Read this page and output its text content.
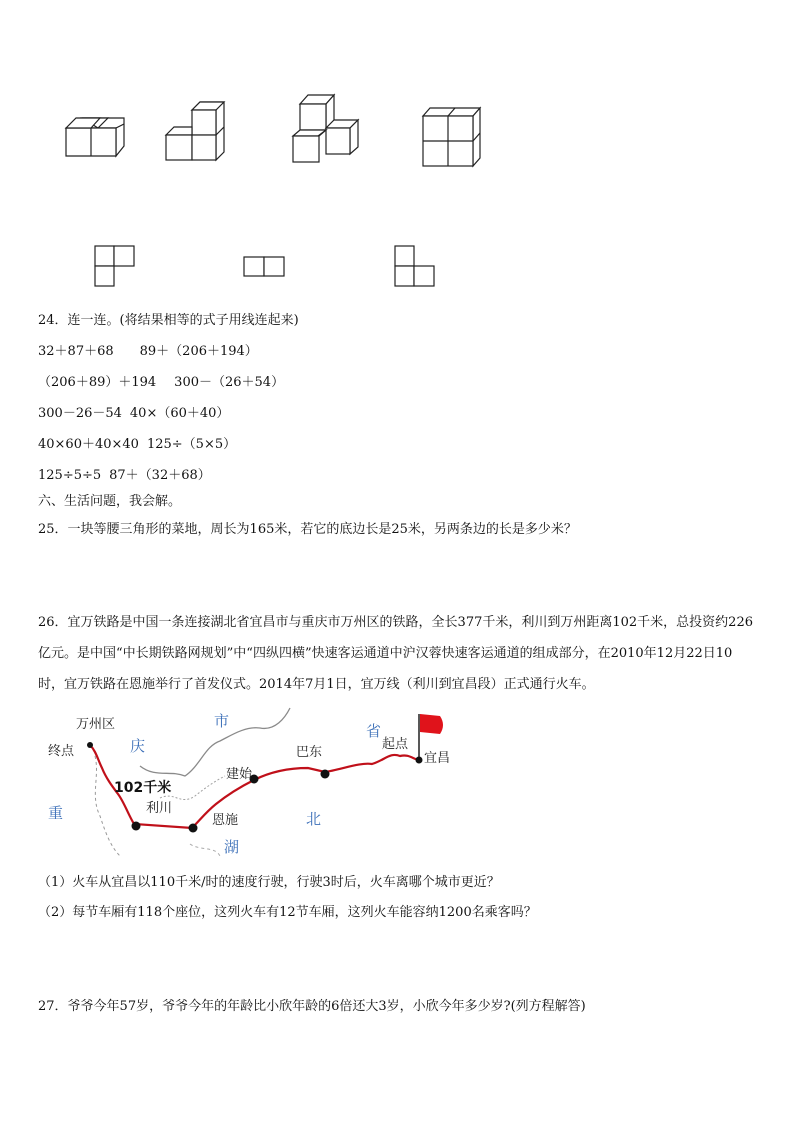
24．连一连。(将结果相等的式子用线连起来)
32＋87＋68 89＋（206＋194）
（206＋89）＋194 300－（26＋54）
300－26－54 40×（60＋40）
40×60＋40×40 125÷（5×5）
125÷5÷5 87＋（32＋68）
六、生活问题，我会解。
25．一块等腰三角形的菜地，周长为165米，若它的底边长是25米，另两条边的长是多少米？
26．宜万铁路是中国一条连接湖北省宜昌市与重庆市万州区的铁路，全长377千米，利川到万州距离102千米，总投资约226亿元。是中国“中长期铁路网规划”中“四纵四横”快速客运通道中沪汉蓉快速客运通道的组成部分，在2010年12月22日10时，宜万铁路在恩施举行了首发仪式。2014年7月1日，宜万线（利川到宜昌段）正式通行火车。
万州区
终点	庆
市
省
102千米
利川
建始
巴东
起点
宜昌
恩施
湖
北
重
（1）火车从宜昌以110千米/时的速度行驶，行驶3时后，火车离哪个城市更近？
（2）每节车厢有118个座位，这列火车有12节车厢，这列火车能容纳1200名乘客吗？
27．爷爷今年57岁，爷爷今年的年龄比小欣年龄的6倍还大3岁，小欣今年多少岁?(列方程解答)
